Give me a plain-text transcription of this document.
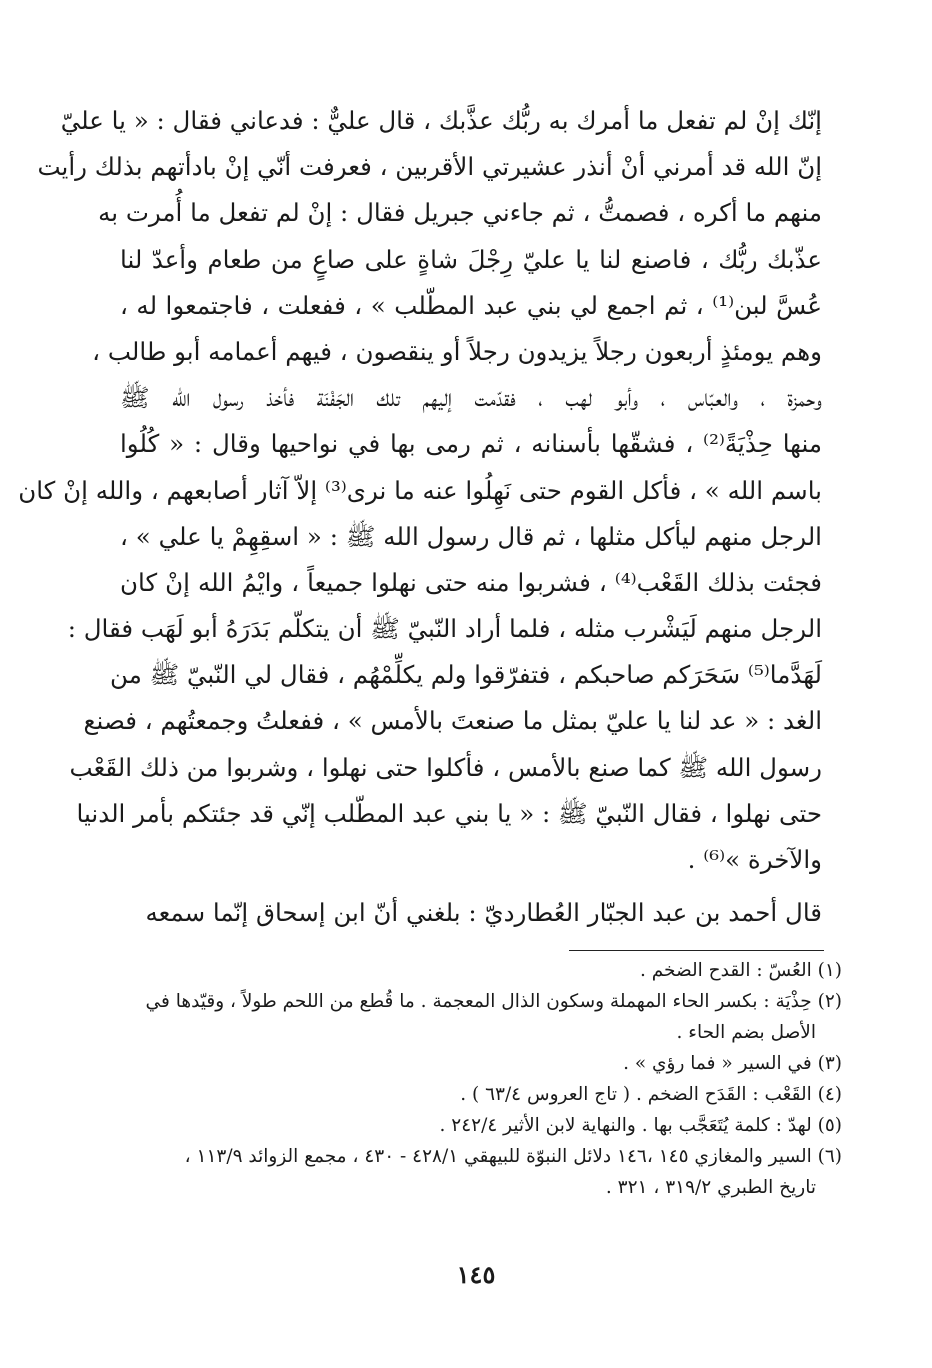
إنّك إنْ لم تفعل ما أمرك به ربُّك عذَّبك ، قال عليٌّ : فدعاني فقال : « يا عليّ
إنّ الله قد أمرني أنْ أنذر عشيرتي الأقربين ، فعرفت أنّي إنْ بادأتهم بذلك رأيت
منهم ما أكره ، فصمتُّ ، ثم جاءني جبريل فقال : إنْ لم تفعل ما أُمرت به
عذّبك ربُّك ، فاصنع لنا يا عليّ رِجْلَ شاةٍ على صاعٍ من طعام وأعدّ لنا
عُسَّ لبن⁽¹⁾ ، ثم اجمع لي بني عبد المطّلب » ، ففعلت ، فاجتمعوا له ،
وهم يومئذٍ أربعون رجلاً يزيدون رجلاً أو ينقصون ، فيهم أعمامه أبو طالب ،
وحمزة ، والعبّاس ، وأبو لهب ، فقدّمت إليهم تلك الجَفْنَة فأخذ رسول الله ﷺ
منها حِذْيَةً⁽²⁾ ، فشقّها بأسنانه ، ثم رمى بها في نواحيها وقال : « كُلُوا
باسم الله » ، فأكل القوم حتى نَهِلُوا عنه ما نرى⁽³⁾ إلاّ آثار أصابعهم ، والله إنْ كان
الرجل منهم ليأكل مثلها ، ثم قال رسول الله ﷺ : « اسقِهِمْ يا علي » ،
فجئت بذلك القَعْب⁽⁴⁾ ، فشربوا منه حتى نهلوا جميعاً ، وايْمُ الله إنْ كان
الرجل منهم لَيَشْرب مثله ، فلما أراد النّبيّ ﷺ أن يتكلّم بَدَرَهُ أبو لَهَب فقال :
لَهَدَّما⁽⁵⁾ سَحَرَكم صاحبكم ، فتفرّقوا ولم يكلِّمْهُم ، فقال لي النّبيّ ﷺ من
الغد : « عد لنا يا عليّ بمثل ما صنعتَ بالأمس » ، ففعلتُ وجمعتُهم ، فصنع
رسول الله ﷺ كما صنع بالأمس ، فأكلوا حتى نهلوا ، وشربوا من ذلك القَعْب
حتى نهلوا ، فقال النّبيّ ﷺ : « يا بني عبد المطّلب إنّي قد جئتكم بأمر الدنيا
والآخرة »⁽⁶⁾ .
قال أحمد بن عبد الجبّار العُطارديّ : بلغني أنّ ابن إسحاق إنّما سمعه
(١) العُسّ : القدح الضخم .
(٢) حِذْيَة : بكسر الحاء المهملة وسكون الذال المعجمة . ما قُطع من اللحم طولاً ، وقيّدها في
الأصل بضم الحاء .
(٣) في السير « فما رؤي » .
(٤) القَعْب : القَدَح الضخم . ( تاج العروس ٦٣/٤ ) .
(٥) لهدّ : كلمة يُتَعَجَّب بها . والنهاية لابن الأثير ٢٤٢/٤ .
(٦) السير والمغازي ١٤٥ ،١٤٦ دلائل النبوّة للبيهقي ٤٢٨/١ - ٤٣٠ ، مجمع الزوائد ١١٣/٩ ،
تاريخ الطبري ٣١٩/٢ ، ٣٢١ .
١٤٥
